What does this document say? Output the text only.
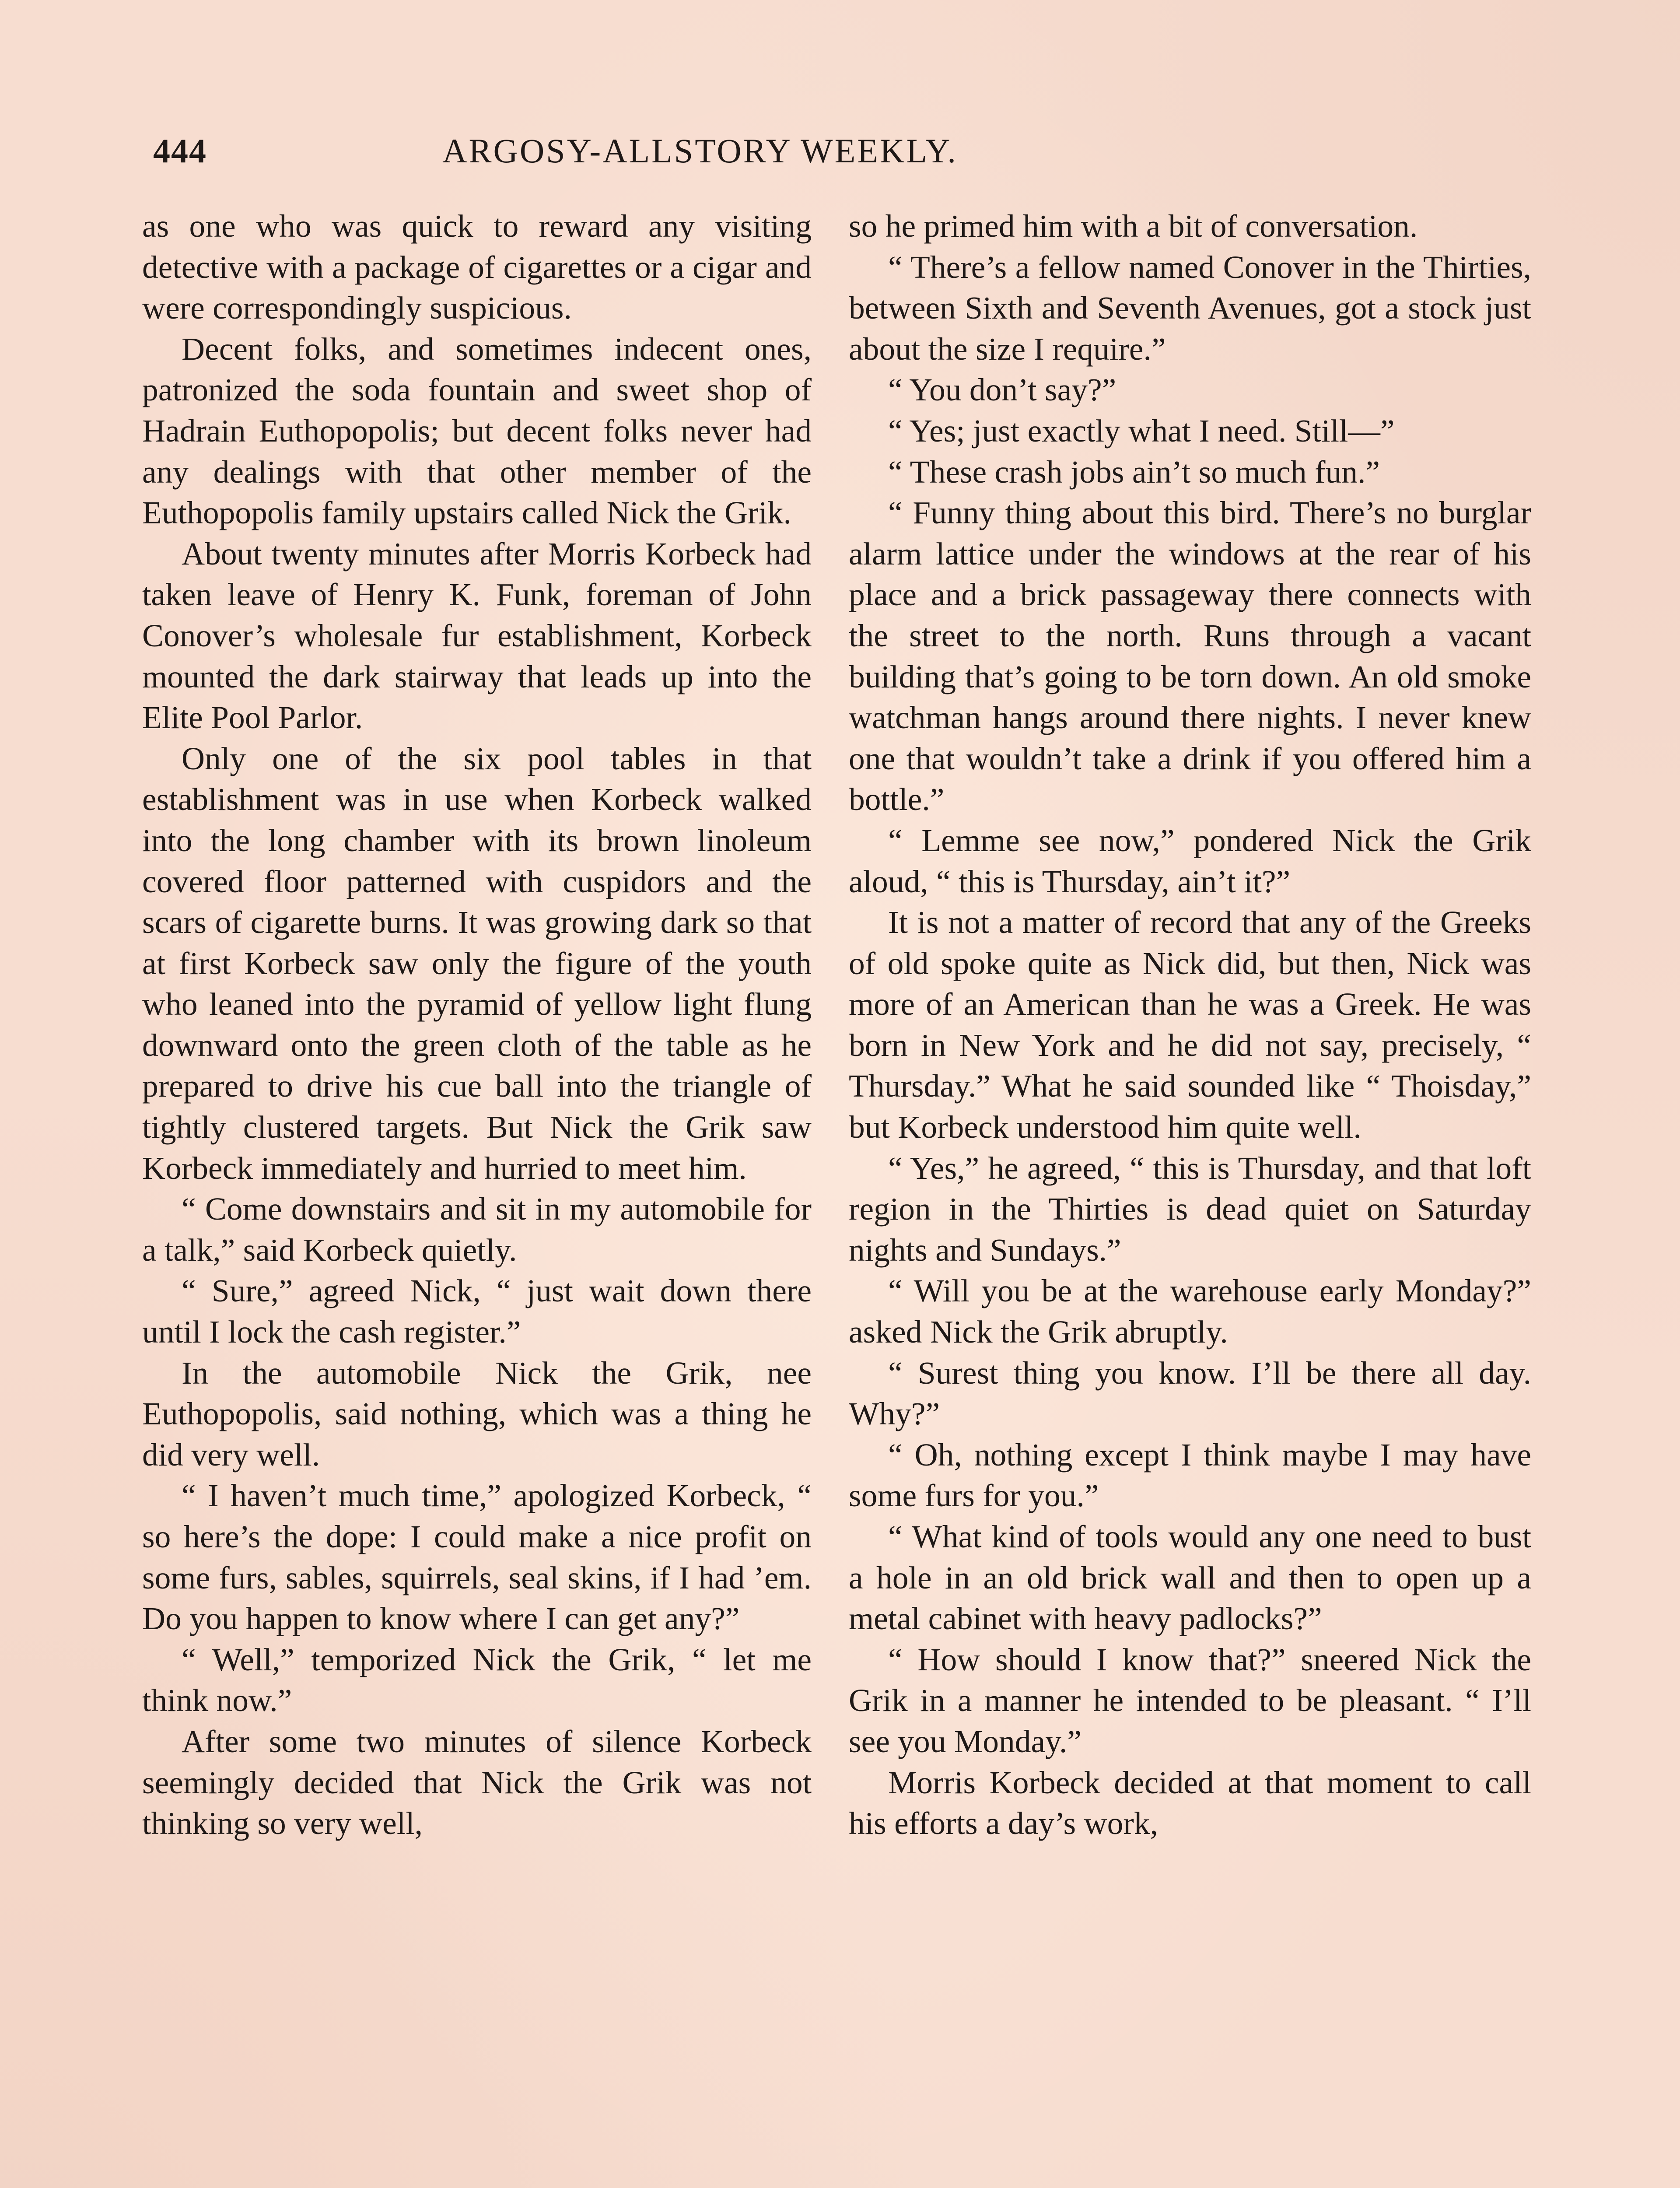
444	ARGOSY-ALLSTORY WEEKLY.

as one who was quick to reward any visiting detective with a package of cigarettes or a cigar and were correspondingly suspicious.

Decent folks, and sometimes indecent ones, patronized the soda fountain and sweet shop of Hadrain Euthopopolis; but decent folks never had any dealings with that other member of the Euthopopolis family upstairs called Nick the Grik.

About twenty minutes after Morris Korbeck had taken leave of Henry K. Funk, foreman of John Conover’s wholesale fur establishment, Korbeck mounted the dark stairway that leads up into the Elite Pool Parlor.

Only one of the six pool tables in that establishment was in use when Korbeck walked into the long chamber with its brown linoleum covered floor patterned with cuspidors and the scars of cigarette burns. It was growing dark so that at first Korbeck saw only the figure of the youth who leaned into the pyramid of yellow light flung downward onto the green cloth of the table as he prepared to drive his cue ball into the triangle of tightly clustered targets. But Nick the Grik saw Korbeck immediately and hurried to meet him.

“ Come downstairs and sit in my automobile for a talk,” said Korbeck quietly.

“ Sure,” agreed Nick, “ just wait down there until I lock the cash register.”

In the automobile Nick the Grik, nee Euthopopolis, said nothing, which was a thing he did very well.

“ I haven’t much time,” apologized Korbeck, “ so here’s the dope: I could make a nice profit on some furs, sables, squirrels, seal skins, if I had ’em. Do you happen to know where I can get any?”

“ Well,” temporized Nick the Grik, “ let me think now.”

After some two minutes of silence Korbeck seemingly decided that Nick the Grik was not thinking so very well,

so he primed him with a bit of conversation.

“ There’s a fellow named Conover in the Thirties, between Sixth and Seventh Avenues, got a stock just about the size I require.”

“ You don’t say?”

“ Yes; just exactly what I need. Still—”

“ These crash jobs ain’t so much fun.”

“ Funny thing about this bird. There’s no burglar alarm lattice under the windows at the rear of his place and a brick passageway there connects with the street to the north. Runs through a vacant building that’s going to be torn down. An old smoke watchman hangs around there nights. I never knew one that wouldn’t take a drink if you offered him a bottle.”

“ Lemme see now,” pondered Nick the Grik aloud, “ this is Thursday, ain’t it?”

It is not a matter of record that any of the Greeks of old spoke quite as Nick did, but then, Nick was more of an American than he was a Greek. He was born in New York and he did not say, precisely, “ Thursday.” What he said sounded like “ Thoisday,” but Korbeck understood him quite well.

“ Yes,” he agreed, “ this is Thursday, and that loft region in the Thirties is dead quiet on Saturday nights and Sundays.”

“ Will you be at the warehouse early Monday?” asked Nick the Grik abruptly.

“ Surest thing you know. I’ll be there all day. Why?”

“ Oh, nothing except I think maybe I may have some furs for you.”

“ What kind of tools would any one need to bust a hole in an old brick wall and then to open up a metal cabinet with heavy padlocks?”

“ How should I know that?” sneered Nick the Grik in a manner he intended to be pleasant. “ I’ll see you Monday.”

Morris Korbeck decided at that moment to call his efforts a day’s work,
